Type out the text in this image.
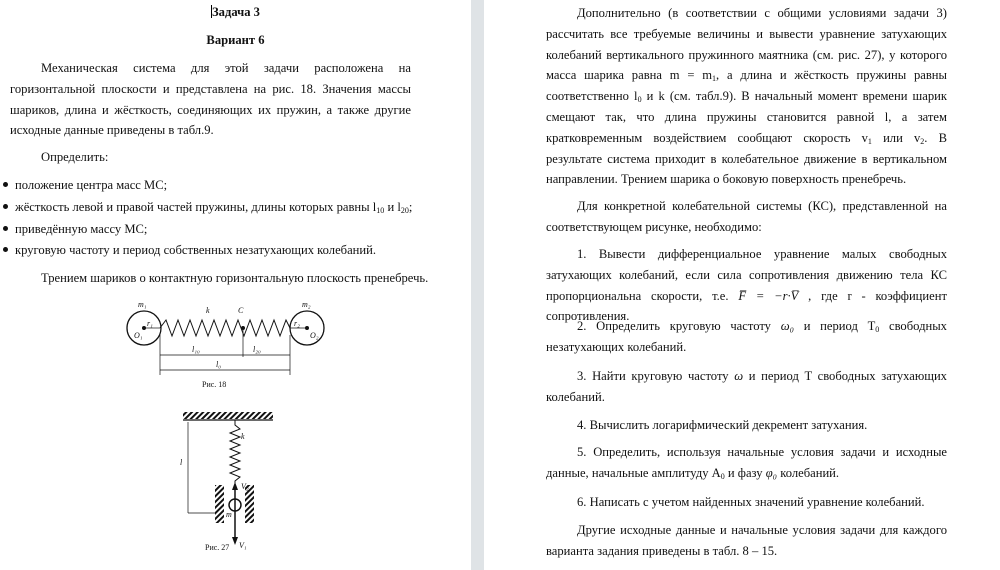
Задача 3
Вариант 6
Механическая система для этой задачи расположена на горизонтальной плоскости и представлена на рис. 18. Значения массы шариков, длина и жёсткость, соединяющих их пружин, а также другие исходные данные приведены в табл.9.
Определить:
положение центра масс МС;
жёсткость левой и правой частей пружины, длины которых равны $l_{10}$ и $l_{20}$;
приведённую массу МС;
круговую частоту и период собственных незатухающих колебаний.
Трением шариков о контактную горизонтальную плоскость пренебречь.
m₁	m₂
k	C
r₁	r₂
O₁	O₂
l₁₀	l₂₀
l₀
Рис. 18
k
l
m
V₁
V₂
Рис. 27
Дополнительно (в соответствии с общими условиями задачи 3) рассчитать все требуемые величины и вывести уравнение затухающих колебаний вертикального пружинного маятника (см. рис. 27), у которого масса шарика равна $m = m_1$, а длина и жёсткость пружины равны соответственно $l_0$ и k (см. табл.9). В начальный момент времени шарик смещают так, что длина пружины становится равной l, а затем кратковременным воздействием сообщают скорость $v_1$ или $v_2$. В результате система приходит в колебательное движение в вертикальном направлении. Трением шарика о боковую поверхность пренебречь.
Для конкретной колебательной системы (КС), представленной на соответствующем рисунке, необходимо:
1. Вывести дифференциальное уравнение малых свободных затухающих колебаний, если сила сопротивления движению тела КС пропорциональна скорости, т.е. F̅ = −r·V̅ , где r - коэффициент сопротивления.
2. Определить круговую частоту ω₀ и период $T_0$ свободных незатухающих колебаний.
3. Найти круговую частоту ω и период T свободных затухающих колебаний.
4. Вычислить логарифмический декремент затухания.
5. Определить, используя начальные условия задачи и исходные данные, начальные амплитуду $A_0$ и фазу φ₀ колебаний.
6. Написать с учетом найденных значений уравнение колебаний.
Другие исходные данные и начальные условия задачи для каждого варианта задания приведены в табл. 8 – 15.
